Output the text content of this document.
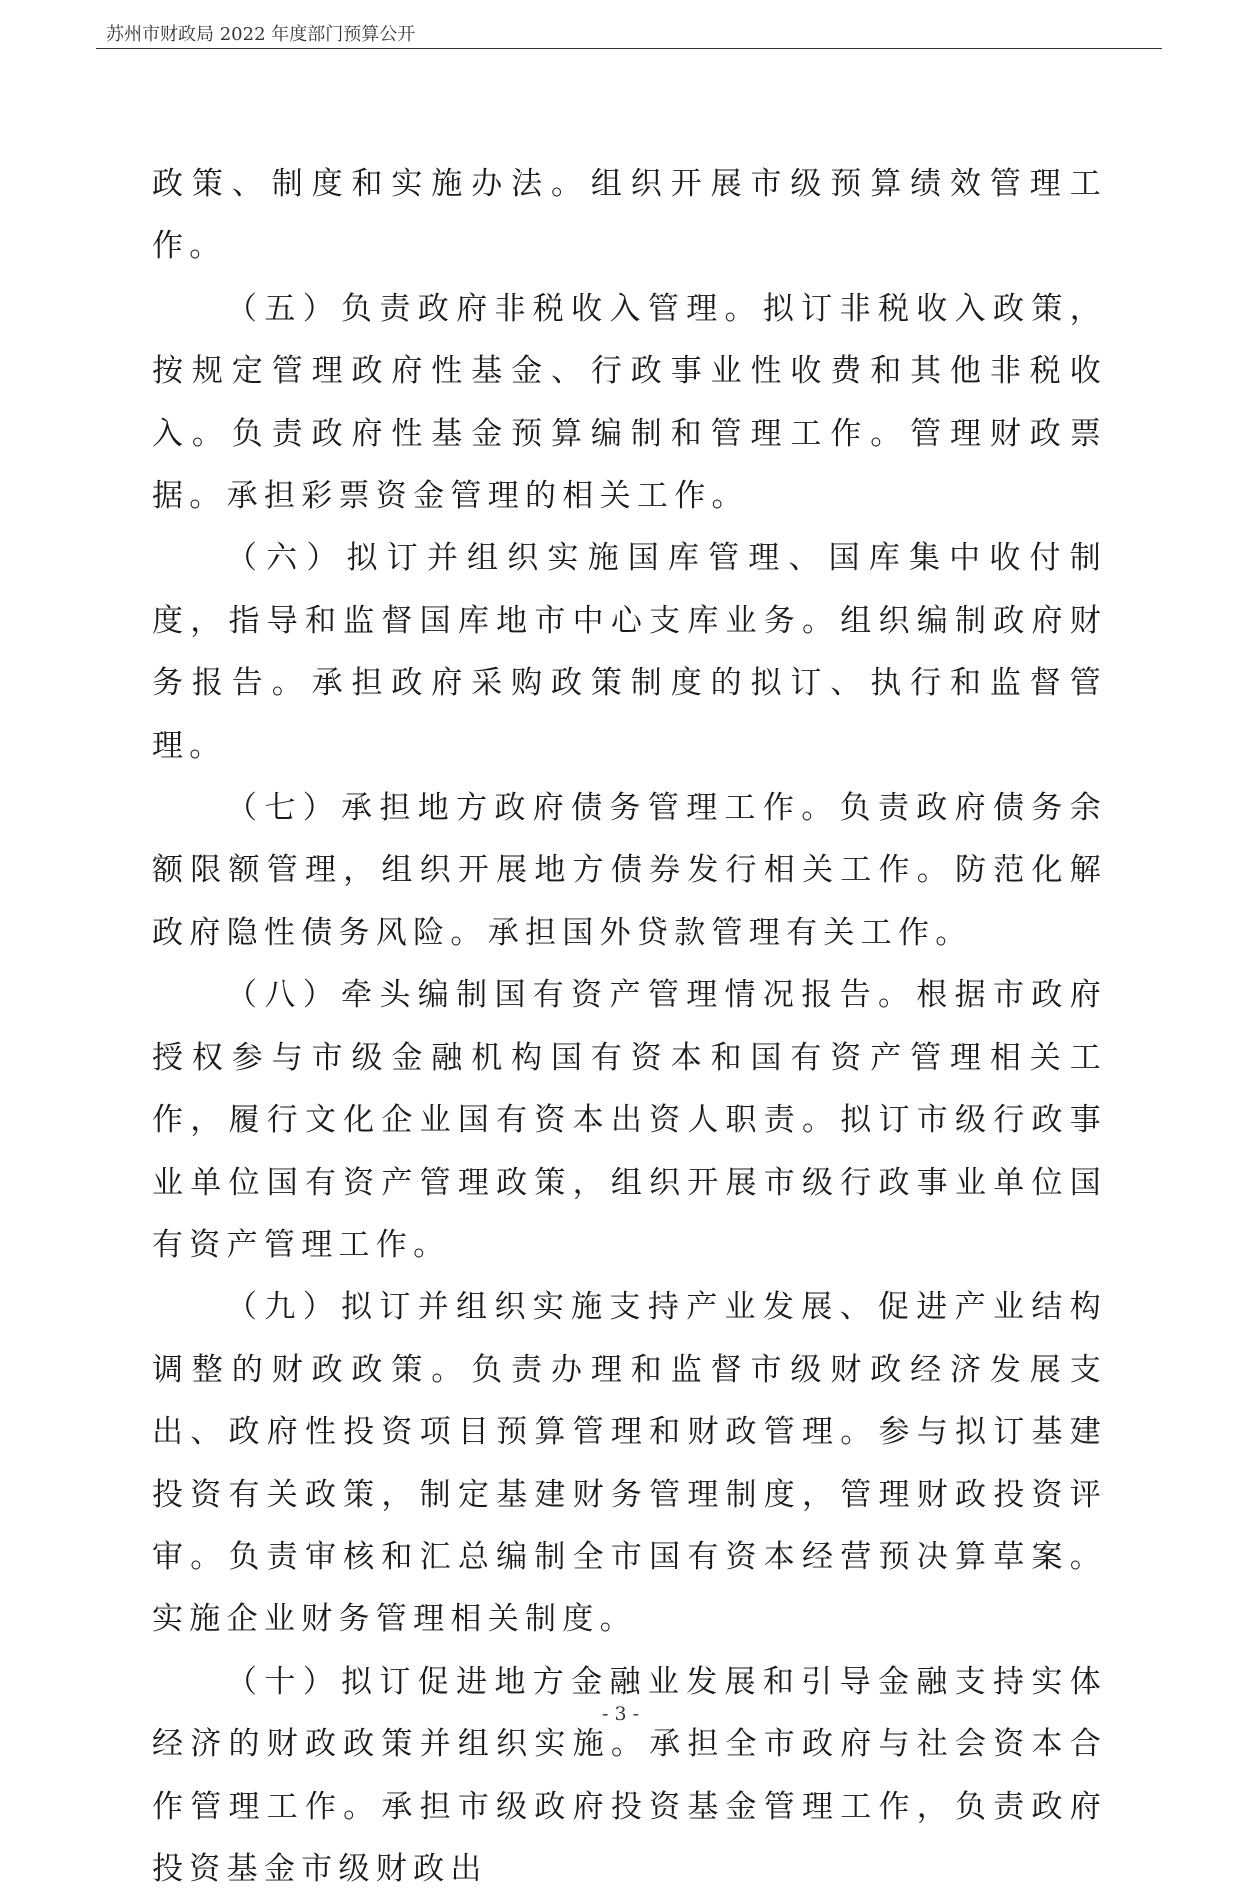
苏州市财政局 2022 年度部门预算公开

政策、制度和实施办法。组织开展市级预算绩效管理工作。

（五）负责政府非税收入管理。拟订非税收入政策，按规定管理政府性基金、行政事业性收费和其他非税收入。负责政府性基金预算编制和管理工作。管理财政票据。承担彩票资金管理的相关工作。

（六）拟订并组织实施国库管理、国库集中收付制度，指导和监督国库地市中心支库业务。组织编制政府财务报告。承担政府采购政策制度的拟订、执行和监督管理。

（七）承担地方政府债务管理工作。负责政府债务余额限额管理，组织开展地方债券发行相关工作。防范化解政府隐性债务风险。承担国外贷款管理有关工作。

（八）牵头编制国有资产管理情况报告。根据市政府授权参与市级金融机构国有资本和国有资产管理相关工作，履行文化企业国有资本出资人职责。拟订市级行政事业单位国有资产管理政策，组织开展市级行政事业单位国有资产管理工作。

（九）拟订并组织实施支持产业发展、促进产业结构调整的财政政策。负责办理和监督市级财政经济发展支出、政府性投资项目预算管理和财政管理。参与拟订基建投资有关政策，制定基建财务管理制度，管理财政投资评审。负责审核和汇总编制全市国有资本经营预决算草案。实施企业财务管理相关制度。

（十）拟订促进地方金融业发展和引导金融支持实体经济的财政政策并组织实施。承担全市政府与社会资本合作管理工作。承担市级政府投资基金管理工作，负责政府投资基金市级财政出

- 3 -
